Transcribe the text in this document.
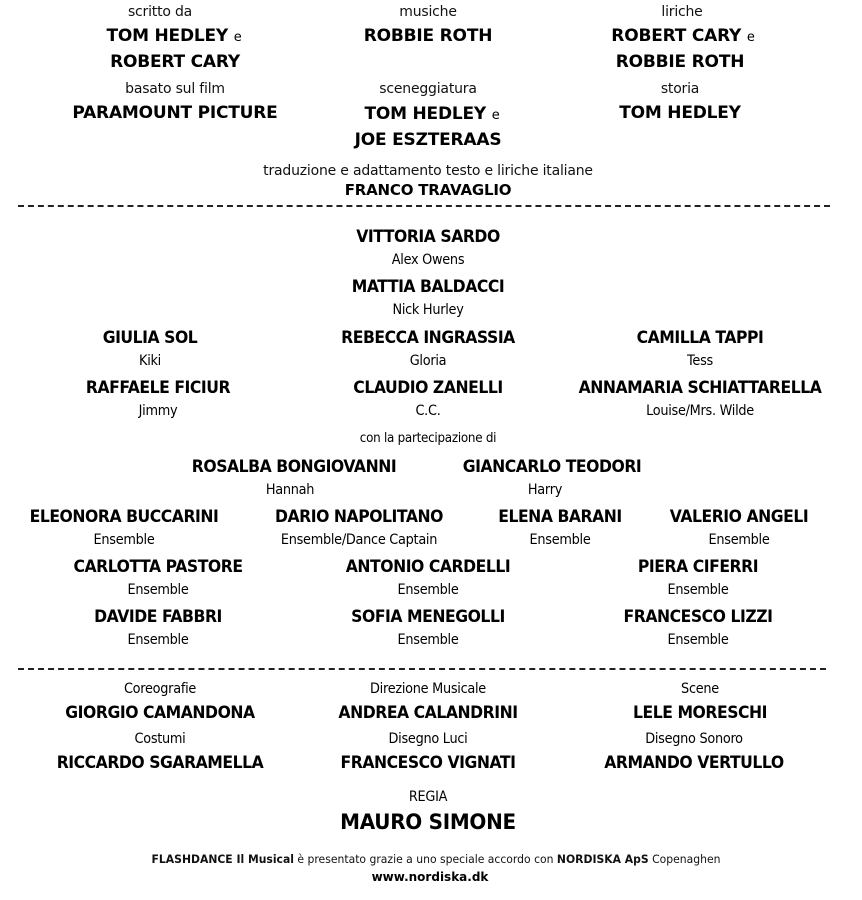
scritto da
TOM HEDLEY e
ROBERT CARY
musiche
ROBBIE ROTH
liriche
ROBERT CARY e
ROBBIE ROTH
basato sul film
PARAMOUNT PICTURE
sceneggiatura
TOM HEDLEY e
JOE ESZTERAAS
storia
TOM HEDLEY
traduzione e adattamento testo e liriche italiane
FRANCO TRAVAGLIO
VITTORIA SARDO
Alex Owens
MATTIA BALDACCI
Nick Hurley
GIULIA SOL
Kiki
REBECCA INGRASSIA
Gloria
CAMILLA TAPPI
Tess
RAFFAELE FICIUR
Jimmy
CLAUDIO ZANELLI
C.C.
ANNAMARIA SCHIATTARELLA
Louise/Mrs. Wilde
con la partecipazione di
ROSALBA BONGIOVANNI
Hannah
GIANCARLO TEODORI
Harry
ELEONORA BUCCARINI
Ensemble
DARIO NAPOLITANO
Ensemble/Dance Captain
ELENA BARANI
Ensemble
VALERIO ANGELI
Ensemble
CARLOTTA PASTORE
Ensemble
ANTONIO CARDELLI
Ensemble
PIERA CIFERRI
Ensemble
DAVIDE FABBRI
Ensemble
SOFIA MENEGOLLI
Ensemble
FRANCESCO LIZZI
Ensemble
Coreografie
GIORGIO CAMANDONA
Direzione Musicale
ANDREA CALANDRINI
Scene
LELE MORESCHI
Costumi
RICCARDO SGARAMELLA
Disegno Luci
FRANCESCO VIGNATI
Disegno Sonoro
ARMANDO VERTULLO
REGIA
MAURO SIMONE
FLASHDANCE Il Musical è presentato grazie a uno speciale accordo con NORDISKA ApS Copenaghen
www.nordiska.dk
